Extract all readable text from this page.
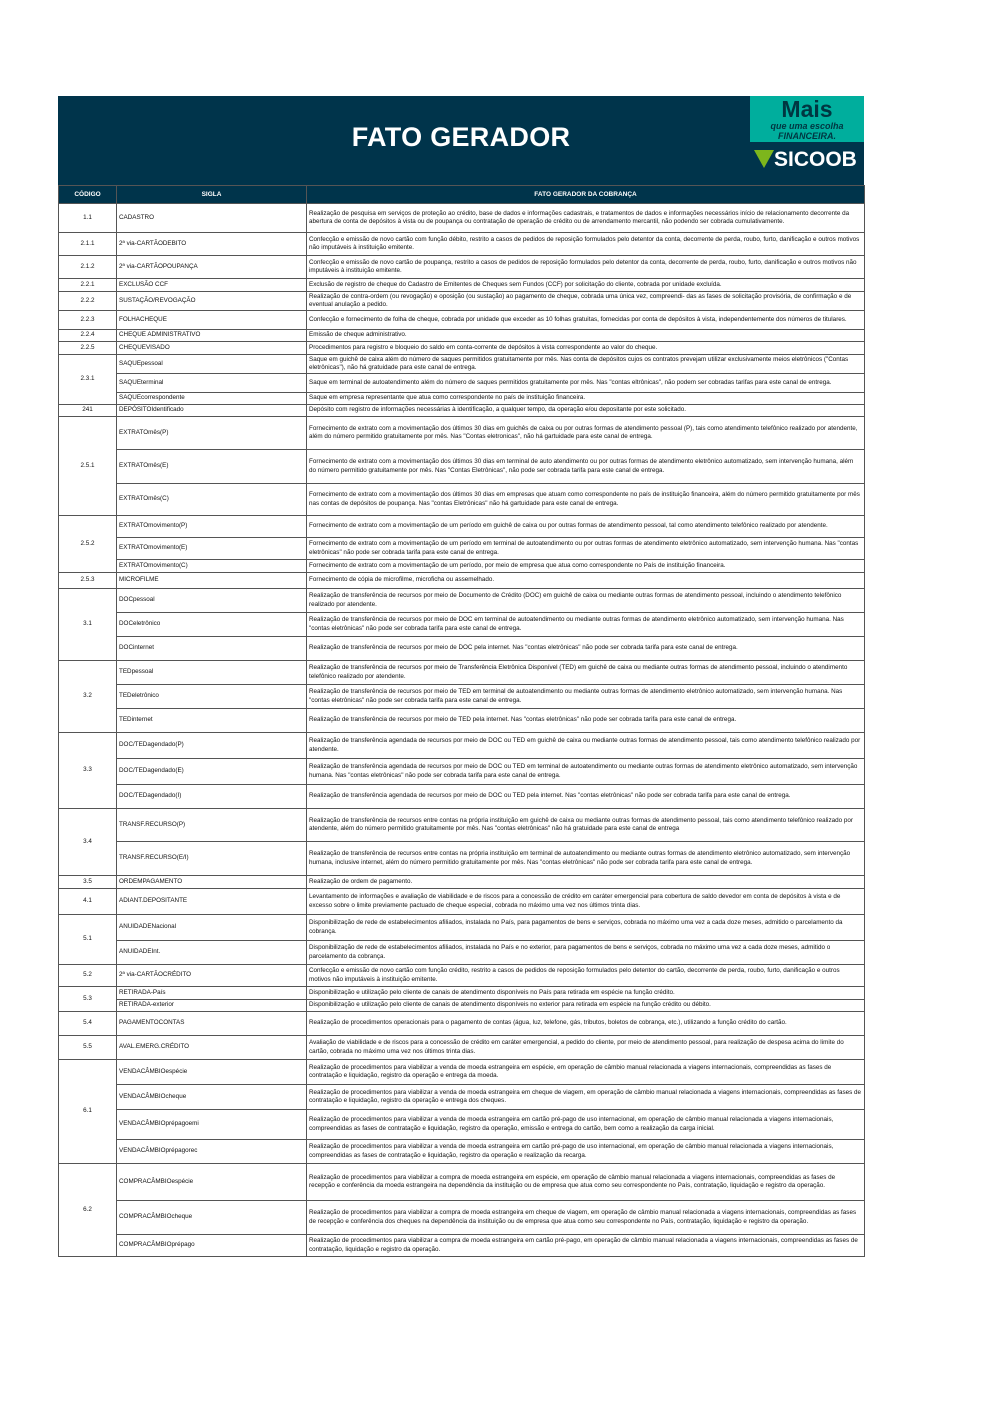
FATO GERADOR
Mais
que uma escolha
FINANCEIRA.
SICOOB
CÓDIGO	SIGLA	FATO GERADOR DA COBRANÇA
1.1	CADASTRO	Realização de pesquisa em serviços de proteção ao crédito, base de dados e informações cadastrais, e tratamentos de dados e informações necessários início de relacionamento decorrente da abertura de conta de depósitos à vista ou de poupança ou contratação de operação de crédito ou de arrendamento mercantil, não podendo ser cobrada cumulativamente.
2.1.1	2ª via-CARTÃODEBITO	Confecção e emissão de novo cartão com função débito, restrito a casos de pedidos de reposição formulados pelo detentor da conta, decorrente de perda, roubo, furto, danificação e outros motivos não imputáveis à instituição emitente.
2.1.2	2ª via-CARTÃOPOUPANÇA	Confecção e emissão de novo cartão de poupança, restrito a casos de pedidos de reposição formulados pelo detentor da conta, decorrente de perda, roubo, furto, danificação e outros motivos não imputáveis à instituição emitente.
2.2.1	EXCLUSÃO CCF	Exclusão de registro de cheque do Cadastro de Emitentes de Cheques sem Fundos (CCF) por solicitação do cliente, cobrada por unidade excluída.
2.2.2	SUSTAÇÃO/REVOGAÇÃO	Realização de contra-ordem (ou revogação) e oposição (ou sustação) ao pagamento de cheque, cobrada uma única vez, compreendi- das as fases de solicitação provisória, de confirmação e de eventual anulação a pedido.
2.2.3	FOLHACHEQUE	Confecção e fornecimento de folha de cheque, cobrada por unidade que exceder as 10 folhas gratuitas, fornecidas por conta de depósitos à vista, independentemente dos números de titulares.
2.2.4	CHEQUE ADMINISTRATIVO	Emissão de cheque administrativo.
2.2.5	CHEQUEVISADO	Procedimentos para registro e bloqueio do saldo em conta-corrente de depósitos à vista correspondente ao valor do cheque.
2.3.1	SAQUEpessoal	Saque em guichê de caixa além do número de saques permitidos gratuitamente por mês. Nas conta de depósitos cujos os contratos prevejam utilizar exclusivamente meios eletrônicos ("Contas eletrônicas"), não há gratuidade para este canal de entrega.
	SAQUEterminal	Saque em terminal de autoatendimento além do número de saques permitidos gratuitamente por mês. Nas "contas eltrônicas", não podem ser cobradas tarifas para este canal de entrega.
	SAQUEcorrespondente	Saque em empresa representante que atua como correspondente no país de instituição financeira.
241	DEPÓSITOIdentificado	Depósito com registro de informações necessárias à identificação, a qualquer tempo, da operação e/ou depositante por este solicitado.
2.5.1	EXTRATOmês(P)	Fornecimento de extrato com a movimentação dos últimos 30 dias em guichês de caixa ou por outras formas de atendimento pessoal (P), tais como atendimento telefônico realizado por atendente, além do número permitido gratuitamente por mês. Nas "Contas eletronicas", não há gartuidade para este canal de entrega.
	EXTRATOmês(E)	Fornecimento de extrato com a movimentação dos últimos 30 dias em terminal de auto atendimento ou por outras formas de atendimento eletrônico automatizado, sem intervenção humana, além do número permitido gratuitamente por mês. Nas "Contas Eletrônicas", não pode ser cobrada tarifa para este canal de entrega.
	EXTRATOmês(C)	Fornecimento de extrato com a movimentação dos últimos 30 dias em empresas que atuam como correspondente no país de instituição financeira, além do número permitido gratuitamente por mês nas contas de depósitos de poupança. Nas "contas Eletrônicas" não há gartuidade para este canal de entrega.
2.5.2	EXTRATOmovimento(P)	Fornecimento de extrato com a movimentação de um período em guichê de caixa ou por outras formas de atendimento pessoal, tal como atendimento telefônico realizado por atendente.
	EXTRATOmovimento(E)	Fornecimento de extrato com a movimentação de um período em terminal de autoatendimento ou por outras formas de atendimento eletrônico automatizado, sem intervenção humana. Nas "contas eletrônicas" não pode ser cobrada tarifa para este canal de entrega.
	EXTRATOmovimento(C)	Fornecimento de extrato com a movimentação de um período, por meio de empresa que atua como correspondente no País de instituição financeira.
2.5.3	MICROFILME	Fornecimento de cópia de microfilme, microficha ou assemelhado.
3.1	DOCpessoal	Realização de transferência de recursos por meio de Documento de Crédito (DOC) em guichê de caixa ou mediante outras formas de atendimento pessoal, incluindo o atendimento telefônico realizado por atendente.
	DOCeletrônico	Realização de transferência de recursos por meio de DOC em terminal de autoatendimento ou mediante outras formas de atendimento eletrônico automatizado, sem intervenção humana. Nas "contas eletrônicas" não pode ser cobrada tarifa para este canal de entrega.
	DOCinternet	Realização de transferência de recursos por meio de DOC pela internet. Nas "contas eletrônicas" não pode ser cobrada tarifa para este canal de entrega.
3.2	TEDpessoal	Realização de transferência de recursos por meio de Transferência Eletrônica Disponível (TED) em guichê de caixa ou mediante outras formas de atendimento pessoal, incluindo o atendimento telefônico realizado por atendente.
	TEDeletrônico	Realização de transferência de recursos por meio de TED em terminal de autoatendimento ou mediante outras formas de atendimento eletrônico automatizado, sem intervenção humana. Nas "contas eletrônicas" não pode ser cobrada tarifa para este canal de entrega.
	TEDinternet	Realização de transferência de recursos por meio de TED pela internet. Nas "contas eletrônicas" não pode ser cobrada tarifa para este canal de entrega.
3.3	DOC/TEDagendado(P)	Realização de transferência agendada de recursos por meio de DOC ou TED em guichê de caixa ou mediante outras formas de atendimento pessoal, tais como atendimento telefônico realizado por atendente.
	DOC/TEDagendado(E)	Realização de transferência agendada de recursos por meio de DOC ou TED em terminal de autoatendimento ou mediante outras formas de atendimento eletrônico automatizado, sem intervenção humana. Nas "contas eletrônicas" não pode ser cobrada tarifa para este canal de entrega.
	DOC/TEDagendado(I)	Realização de transferência agendada de recursos por meio de DOC ou TED pela internet. Nas "contas eletrônicas" não pode ser cobrada tarifa para este canal de entrega.
3.4	TRANSF.RECURSO(P)	Realização de transferência de recursos entre contas na própria instituição em guichê de caixa ou mediante outras formas de atendimento pessoal, tais como atendimento telefônico realizado por atendente, além do número permitido gratuitamente por mês. Nas "contas eletrônicas" não há gratuidade para este canal de entrega
	TRANSF.RECURSO(E/I)	Realização de transferência de recursos entre contas na própria instituição em terminal de autoatendimento ou mediante outras formas de atendimento eletrônico automatizado, sem intervenção humana, inclusive internet, além do número permitido gratuitamente por mês. Nas "contas eletrônicas" não pode ser cobrada tarifa para este canal de entrega.
3.5	ORDEMPAGAMENTO	Realização de ordem de pagamento.
4.1	ADIANT.DEPOSITANTE	Levantamento de informações e avaliação de viabilidade e de riscos para a concessão de crédito em caráter emergencial para cobertura de saldo devedor em conta de depósitos à vista e de excesso sobre o limite previamente pactuado de cheque especial, cobrada no máximo uma vez nos últimos trinta dias.
5.1	ANUIDADENacional	Disponibilização de rede de estabelecimentos afiliados, instalada no País, para pagamentos de bens e serviços, cobrada no máximo uma vez a cada doze meses, admitido o parcelamento da cobrança.
	ANUIDADEInt.	Disponibilização de rede de estabelecimentos afiliados, instalada no País e no exterior, para pagamentos de bens e serviços, cobrada no máximo uma vez a cada doze meses, admitido o parcelamento da cobrança.
5.2	2ª via-CARTÃOCRÉDITO	Confecção e emissão de novo cartão com função crédito, restrito a casos de pedidos de reposição formulados pelo detentor do cartão, decorrente de perda, roubo, furto, danificação e outros motivos não imputáveis à instituição emitente.
5.3	RETIRADA-País	Disponibilização e utilização pelo cliente de canais de atendimento disponíveis no País para retirada em espécie na função crédito.
	RETIRADA-exterior	Disponibilização e utilização pelo cliente de canais de atendimento disponíveis no exterior para retirada em espécie na função crédito ou débito.
5.4	PAGAMENTOCONTAS	Realização de procedimentos operacionais para o pagamento de contas (água, luz, telefone, gás, tributos, boletos de cobrança, etc.), utilizando a função crédito do cartão.
5.5	AVAL.EMERG.CRÉDITO	Avaliação de viabilidade e de riscos para a concessão de crédito em caráter emergencial, a pedido do cliente, por meio de atendimento pessoal, para realização de despesa acima do limite do cartão, cobrada no máximo uma vez nos últimos trinta dias.
6.1	VENDACÂMBIOespécie	Realização de procedimentos para viabilizar a venda de moeda estrangeira em espécie, em operação de câmbio manual relacionada a viagens internacionais, compreendidas as fases de contratação e liquidação, registro da operação e entrega da moeda.
	VENDACÂMBIOcheque	Realização de procedimentos para viabilizar a venda de moeda estrangeira em cheque de viagem, em operação de câmbio manual relacionada a viagens internacionais, compreendidas as fases de contratação e liquidação, registro da operação e entrega dos cheques.
	VENDACÂMBIOprépagoemi	Realização de procedimentos para viabilizar a venda de moeda estrangeira em cartão pré-pago de uso internacional, em operação de câmbio manual relacionada a viagens internacionais, compreendidas as fases de contratação e liquidação, registro da operação, emissão e entrega do cartão, bem como a realização da carga inicial.
	VENDACÂMBIOprépagorec	Realização de procedimentos para viabilizar a venda de moeda estrangeira em cartão pré-pago de uso internacional, em operação de câmbio manual relacionada a viagens internacionais, compreendidas as fases de contratação e liquidação, registro da operação e realização da recarga.
6.2	COMPRACÂMBIOespécie	Realização de procedimentos para viabilizar a compra de moeda estrangeira em espécie, em operação de câmbio manual relacionada a viagens internacionais, compreendidas as fases de recepção e conferência da moeda estrangeira na dependência da instituição ou de empresa que atua como seu correspondente no País, contratação, liquidação e registro da operação.
	COMPRACÂMBIOcheque	Realização de procedimentos para viabilizar a compra de moeda estrangeira em cheque de viagem, em operação de câmbio manual relacionada a viagens internacionais, compreendidas as fases de recepção e conferência dos cheques na dependência da instituição ou de empresa que atua como seu correspondente no País, contratação, liquidação e registro da operação.
	COMPRACÂMBIOprépago	Realização de procedimentos para viabilizar a compra de moeda estrangeira em cartão pré-pago, em operação de câmbio manual relacionada a viagens internacionais, compreendidas as fases de contratação, liquidação e registro da operação.
